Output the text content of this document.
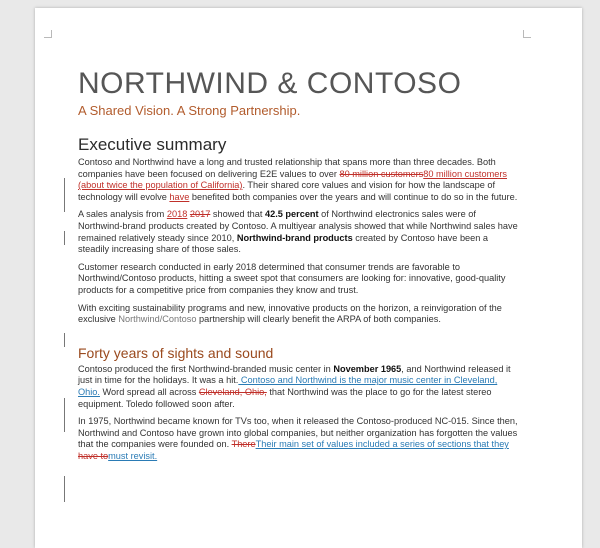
NORTHWIND & CONTOSO
A Shared Vision. A Strong Partnership.
Executive summary

Contoso and Northwind have a long and trusted relationship that spans more than three decades. Both companies have been focused on delivering E2E values to over 80 million customers80 million customers (about twice the population of California). Their shared core values and vision for how the landscape of technology will evolve have benefited both companies over the years and will continue to do so in the future.

A sales analysis from 2018 2017 showed that 42.5 percent of Northwind electronics sales were of Northwind-brand products created by Contoso. A multiyear analysis showed that while Northwind sales have remained relatively steady since 2010, Northwind-brand products created by Contoso have been a steadily increasing share of those sales.

Customer research conducted in early 2018 determined that consumer trends are favorable to Northwind/Contoso products, hitting a sweet spot that consumers are looking for: innovative, good-quality products for a competitive price from companies they know and trust.

With exciting sustainability programs and new, innovative products on the horizon, a reinvigoration of the exclusive Northwind/Contoso partnership will clearly benefit the ARPA of both companies.

Forty years of sights and sound

Contoso produced the first Northwind-branded music center in November 1965, and Northwind released it just in time for the holidays. It was a hit. Contoso and Northwind is the major music center in Cleveland, Ohio. Word spread all across Cleveland, Ohio, that Northwind was the place to go for the latest stereo equipment. Toledo followed soon after.

In 1975, Northwind became known for TVs too, when it released the Contoso-produced NC-015. Since then, Northwind and Contoso have grown into global companies, but neither organization has forgotten the values that the companies were founded on. ThereTheir main set of values included a series of sections that they have tomust revisit.
